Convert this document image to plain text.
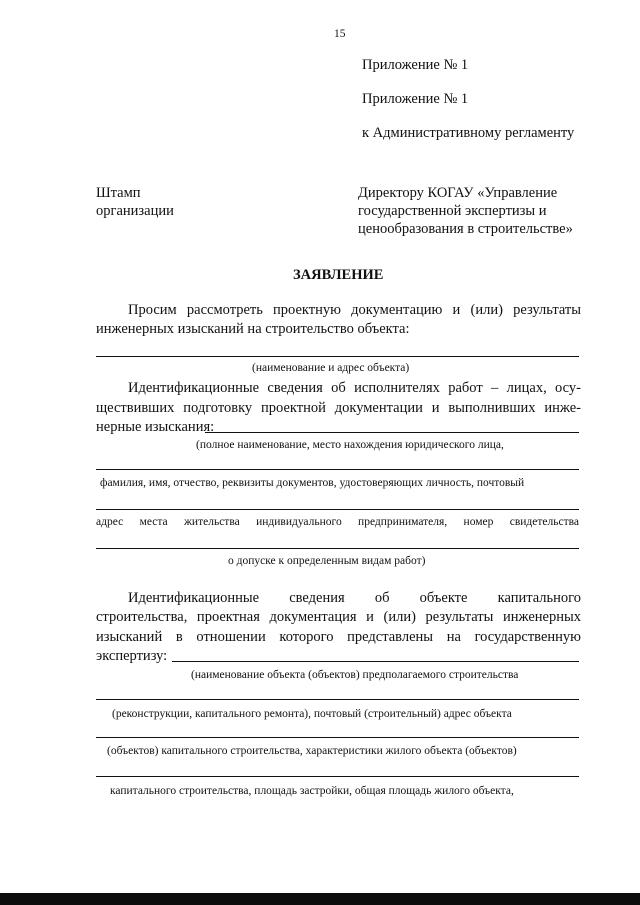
15
Приложение № 1
Приложение № 1
к Административному регламенту
Штамп
организации
Директору КОГАУ «Управление
государственной экспертизы и
ценообразования в строительстве»
ЗАЯВЛЕНИЕ
Просим рассмотреть проектную документацию и (или) результаты
инженерных изысканий на строительство объекта:
(наименование и адрес объекта)
Идентификационные сведения об исполнителях работ – лицах, осу-
ществивших подготовку проектной документации и выполнивших инже-
нерные изыскания:
(полное наименование, место нахождения юридического лица,
фамилия, имя, отчество, реквизиты документов, удостоверяющих личность, почтовый
адрес места жительства индивидуального предпринимателя, номер свидетельства
о допуске к определенным видам работ)
Идентификационные сведения об объекте капитального
строительства, проектная документация и (или) результаты инженерных
изысканий в отношении которого представлены на государственную
экспертизу:
(наименование объекта (объектов) предполагаемого строительства
(реконструкции, капитального ремонта), почтовый (строительный) адрес объекта
(объектов) капитального строительства, характеристики жилого объекта (объектов)
капитального строительства, площадь застройки, общая площадь жилого объекта,
